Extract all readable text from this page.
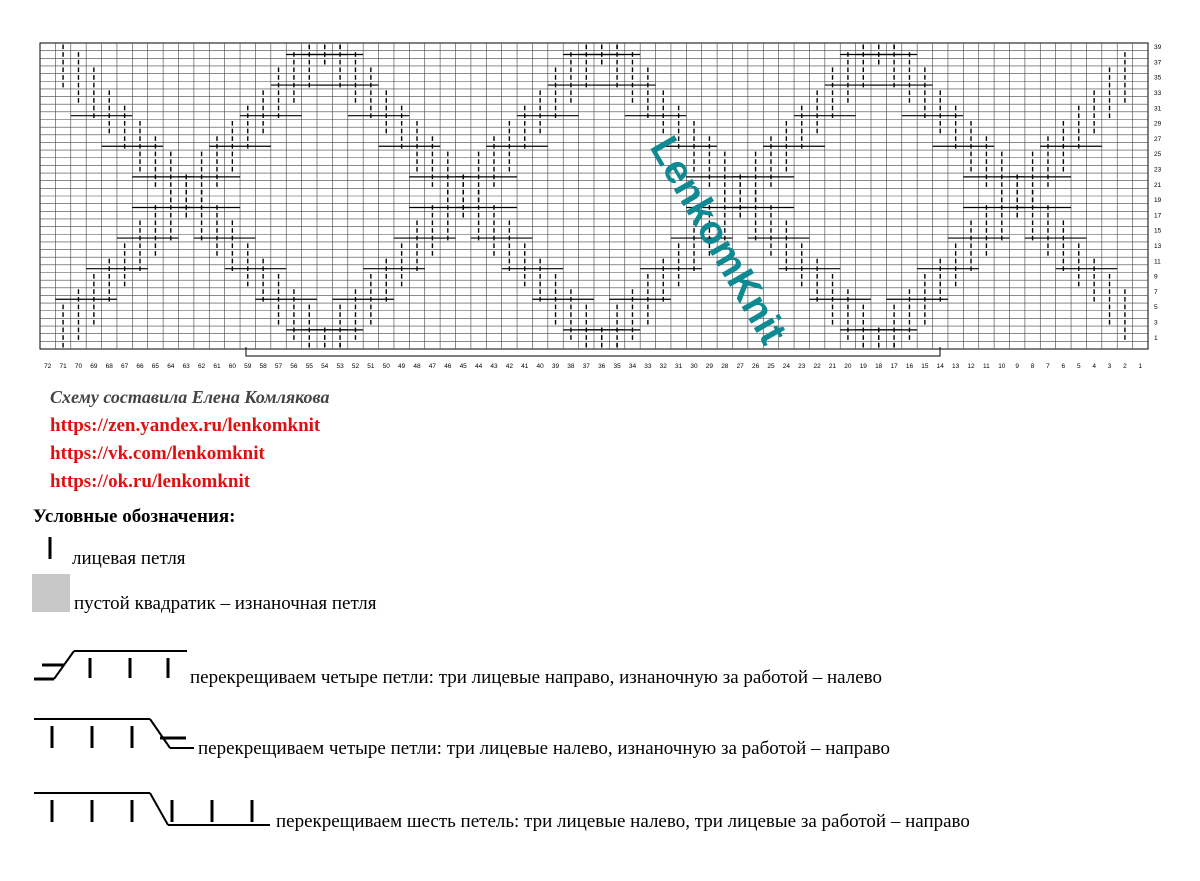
39
37
35
33
31
29
27
25
23
21
19
17
15
13
11
9
7
5
3
1
72 71 70 69 68 67 66 65 64 63 62 61 60 59 58 57 56 55 54 53 52 51 50 49 48 47 46 45 44 43 42 41 40 39 38 37 36 35 34 33 32 31 30 29 28 27 26 25 24 23 22 21 20 19 18 17 16 15 14 13 12 11 10 9 8 7 6 5 4 3 2 1
LenkomKnit
Схему составила Елена Комлякова
https://zen.yandex.ru/lenkomknit
https://vk.com/lenkomknit
https://ok.ru/lenkomknit
Условные обозначения:
лицевая петля
пустой квадратик – изнаночная петля
перекрещиваем четыре петли: три лицевые направо, изнаночную за работой – налево
перекрещиваем четыре петли: три лицевые налево, изнаночную за работой – направо
перекрещиваем шесть петель: три лицевые налево, три лицевые за работой – направо
